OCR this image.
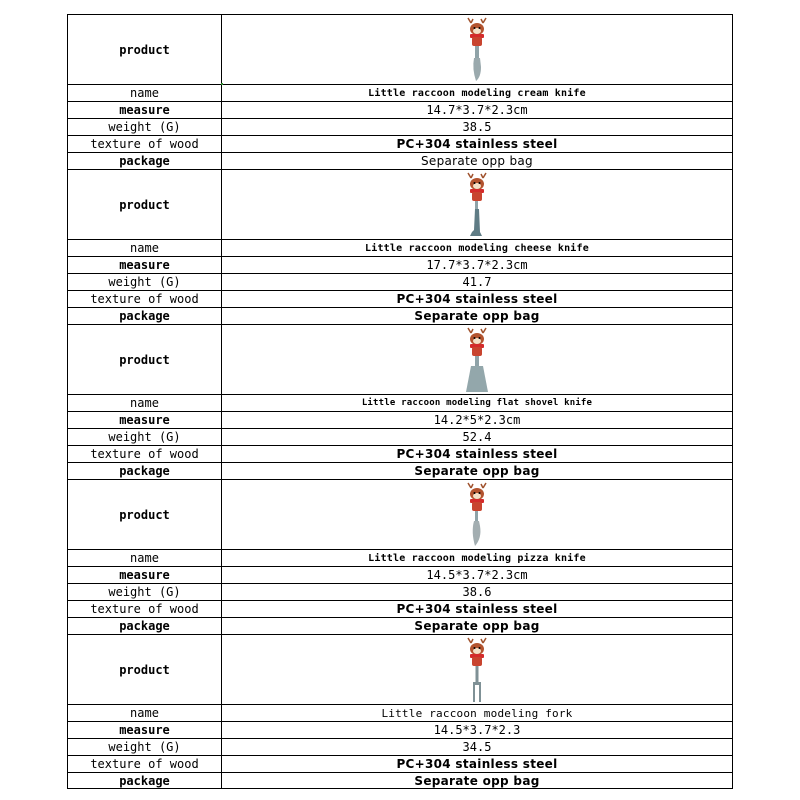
product
name	Little raccoon modeling cream knife
measure	14.7*3.7*2.3cm
weight (G)	38.5
texture of wood	PC+304 stainless steel
package	Separate opp bag
product
name	Little raccoon modeling cheese knife
measure	17.7*3.7*2.3cm
weight (G)	41.7
texture of wood	PC+304 stainless steel
package	Separate opp bag
product
name	Little raccoon modeling flat shovel knife
measure	14.2*5*2.3cm
weight (G)	52.4
texture of wood	PC+304 stainless steel
package	Separate opp bag
product
name	Little raccoon modeling pizza knife
measure	14.5*3.7*2.3cm
weight (G)	38.6
texture of wood	PC+304 stainless steel
package	Separate opp bag
product
name	Little raccoon modeling fork
measure	14.5*3.7*2.3
weight (G)	34.5
texture of wood	PC+304 stainless steel
package	Separate opp bag
